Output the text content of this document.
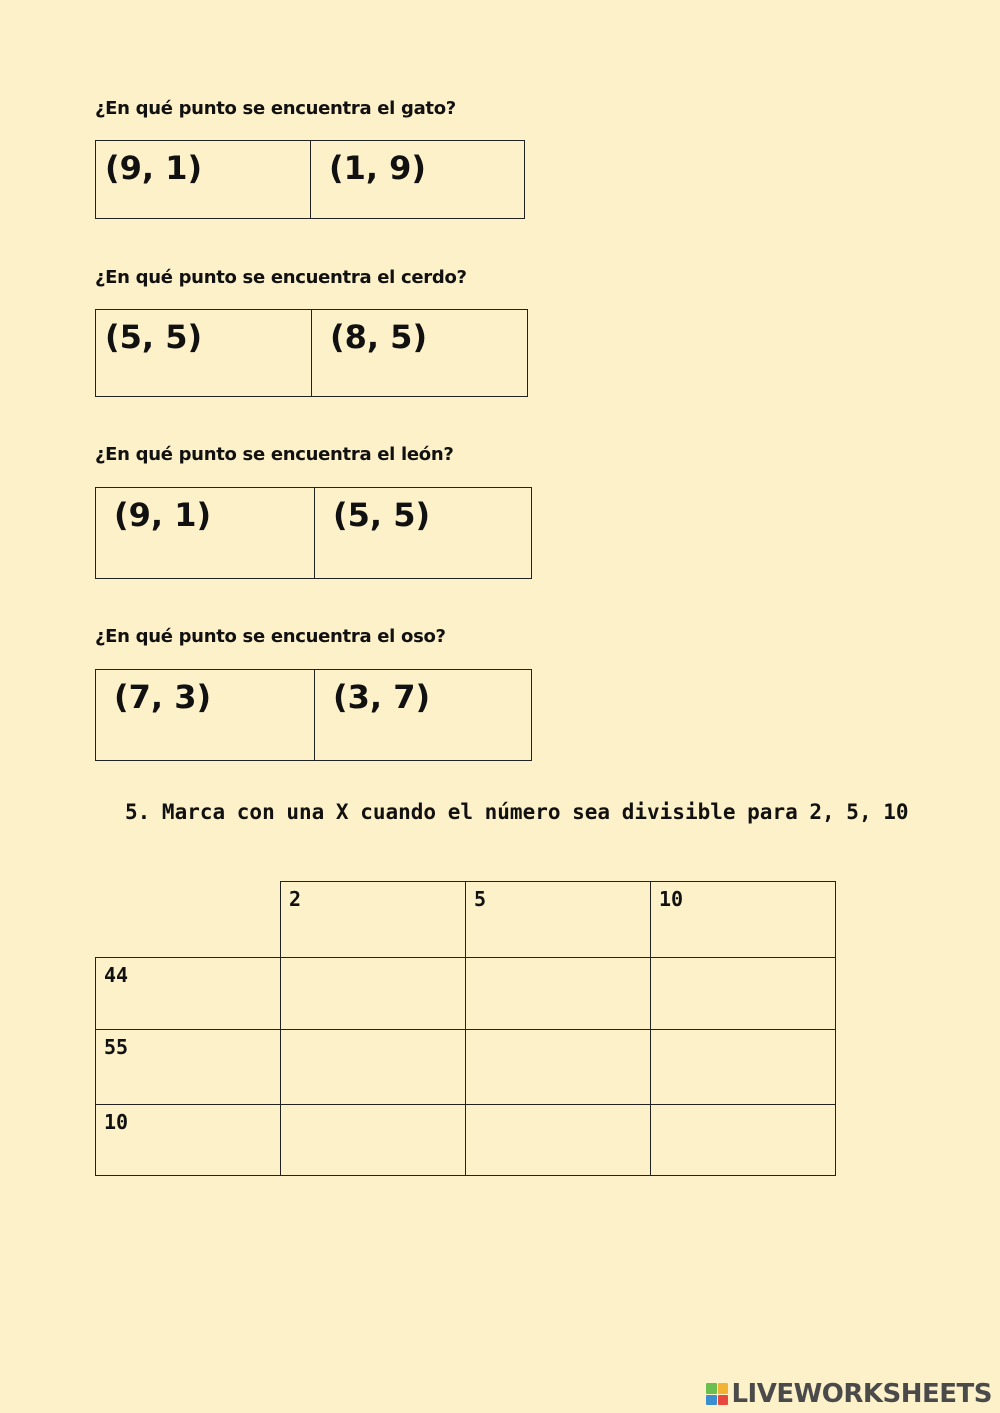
¿En qué punto se encuentra el gato?

(9, 1)	(1, 9)

¿En qué punto se encuentra el cerdo?

(5, 5)	(8, 5)

¿En qué punto se encuentra el león?

(9, 1)	(5, 5)

¿En qué punto se encuentra el oso?

(7, 3)	(3, 7)

5. Marca con una X cuando el número sea divisible para 2, 5, 10

	2	5	10
44			
55			
10			
LIVEWORKSHEETS
